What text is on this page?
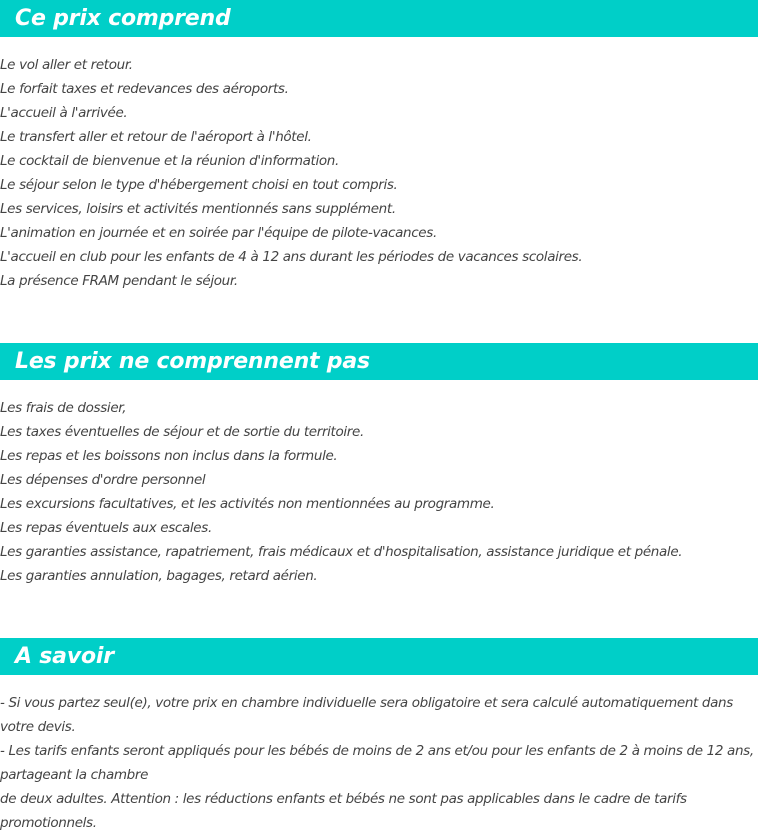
Ce prix comprend
Le vol aller et retour.
Le forfait taxes et redevances des aéroports.
L'accueil à l'arrivée.
Le transfert aller et retour de l'aéroport à l'hôtel.
Le cocktail de bienvenue et la réunion d'information.
Le séjour selon le type d'hébergement choisi en tout compris.
Les services, loisirs et activités mentionnés sans supplément.
L'animation en journée et en soirée par l'équipe de pilote-vacances.
L'accueil en club pour les enfants de 4 à 12 ans durant les périodes de vacances scolaires.
La présence FRAM pendant le séjour.
Les prix ne comprennent pas
Les frais de dossier,
Les taxes éventuelles de séjour et de sortie du territoire.
Les repas et les boissons non inclus dans la formule.
Les dépenses d'ordre personnel
Les excursions facultatives, et les activités non mentionnées au programme.
Les repas éventuels aux escales.
Les garanties assistance, rapatriement, frais médicaux et d'hospitalisation, assistance juridique et pénale.
Les garanties annulation, bagages, retard aérien.
A savoir

- Si vous partez seul(e), votre prix en chambre individuelle sera obligatoire et sera calculé automatiquement dans votre devis.

- Les tarifs enfants seront appliqués pour les bébés de moins de 2 ans et/ou pour les enfants de 2 à moins de 12 ans, partageant la chambre

de deux adultes. Attention : les réductions enfants et bébés ne sont pas applicables dans le cadre de tarifs promotionnels.
